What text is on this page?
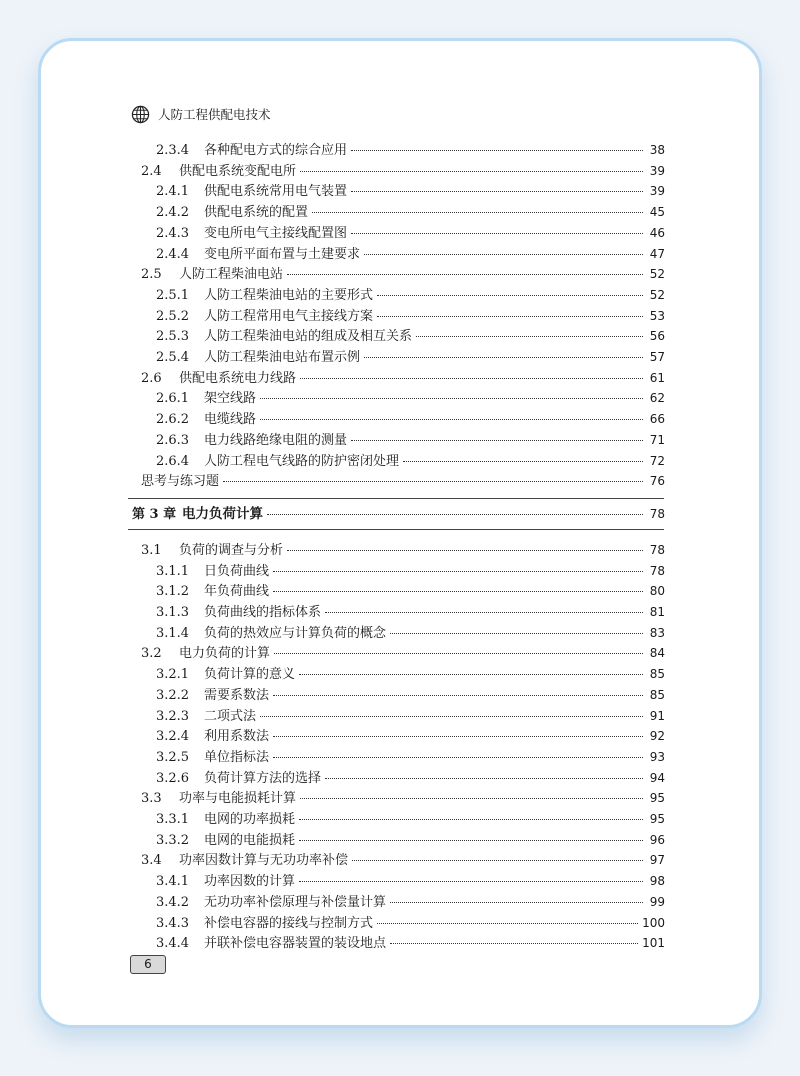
人防工程供配电技术
2.3.4	各种配电方式的综合应用	38
2.4	供配电系统变配电所	39
2.4.1	供配电系统常用电气装置	39
2.4.2	供配电系统的配置	45
2.4.3	变电所电气主接线配置图	46
2.4.4	变电所平面布置与土建要求	47
2.5	人防工程柴油电站	52
2.5.1	人防工程柴油电站的主要形式	52
2.5.2	人防工程常用电气主接线方案	53
2.5.3	人防工程柴油电站的组成及相互关系	56
2.5.4	人防工程柴油电站布置示例	57
2.6	供配电系统电力线路	61
2.6.1	架空线路	62
2.6.2	电缆线路	66
2.6.3	电力线路绝缘电阻的测量	71
2.6.4	人防工程电气线路的防护密闭处理	72
思考与练习题	76
第 3 章 电力负荷计算	78
3.1	负荷的调查与分析	78
3.1.1	日负荷曲线	78
3.1.2	年负荷曲线	80
3.1.3	负荷曲线的指标体系	81
3.1.4	负荷的热效应与计算负荷的概念	83
3.2	电力负荷的计算	84
3.2.1	负荷计算的意义	85
3.2.2	需要系数法	85
3.2.3	二项式法	91
3.2.4	利用系数法	92
3.2.5	单位指标法	93
3.2.6	负荷计算方法的选择	94
3.3	功率与电能损耗计算	95
3.3.1	电网的功率损耗	95
3.3.2	电网的电能损耗	96
3.4	功率因数计算与无功功率补偿	97
3.4.1	功率因数的计算	98
3.4.2	无功功率补偿原理与补偿量计算	99
3.4.3	补偿电容器的接线与控制方式	100
3.4.4	并联补偿电容器装置的装设地点	101
6
